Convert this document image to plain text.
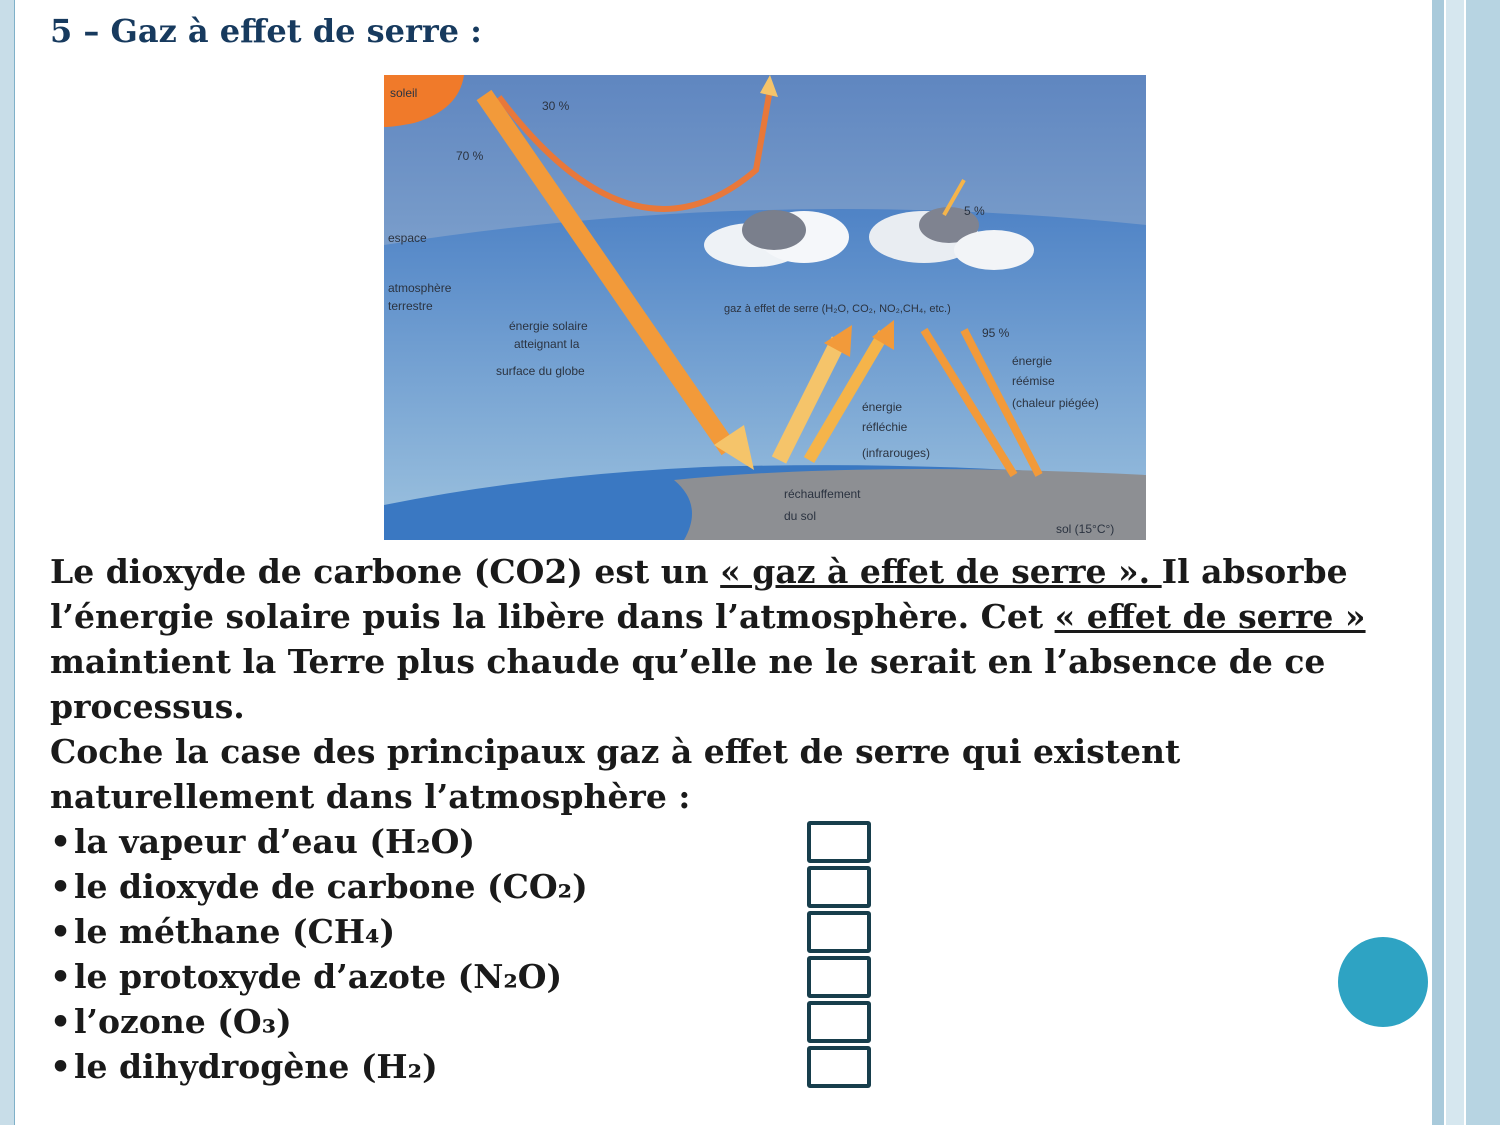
5 – Gaz à effet de serre :
soleil
30 %
70 %
espace
5 %
atmosphère
terrestre
énergie solaire
atteignant la
surface du globe
gaz à effet de serre (H₂O, CO₂, NO₂,CH₄, etc.)
95 %
énergie
réémise
(chaleur piégée)
énergie
réfléchie
(infrarouges)
réchauffement
du sol
sol (15°C°)

Le dioxyde de carbone (CO2) est un « gaz à effet de serre ». Il absorbe l’énergie solaire puis la libère dans l’atmosphère. Cet « effet de serre » maintient la Terre plus chaude qu’elle ne le serait en l’absence de ce processus.
Coche la case des principaux gaz à effet de serre qui existent naturellement dans l’atmosphère :

•la vapeur d’eau (H₂O)
•le dioxyde de carbone (CO₂)
•le méthane (CH₄)
•le protoxyde d’azote (N₂O)
•l’ozone (O₃)
•le dihydrogène (H₂)
